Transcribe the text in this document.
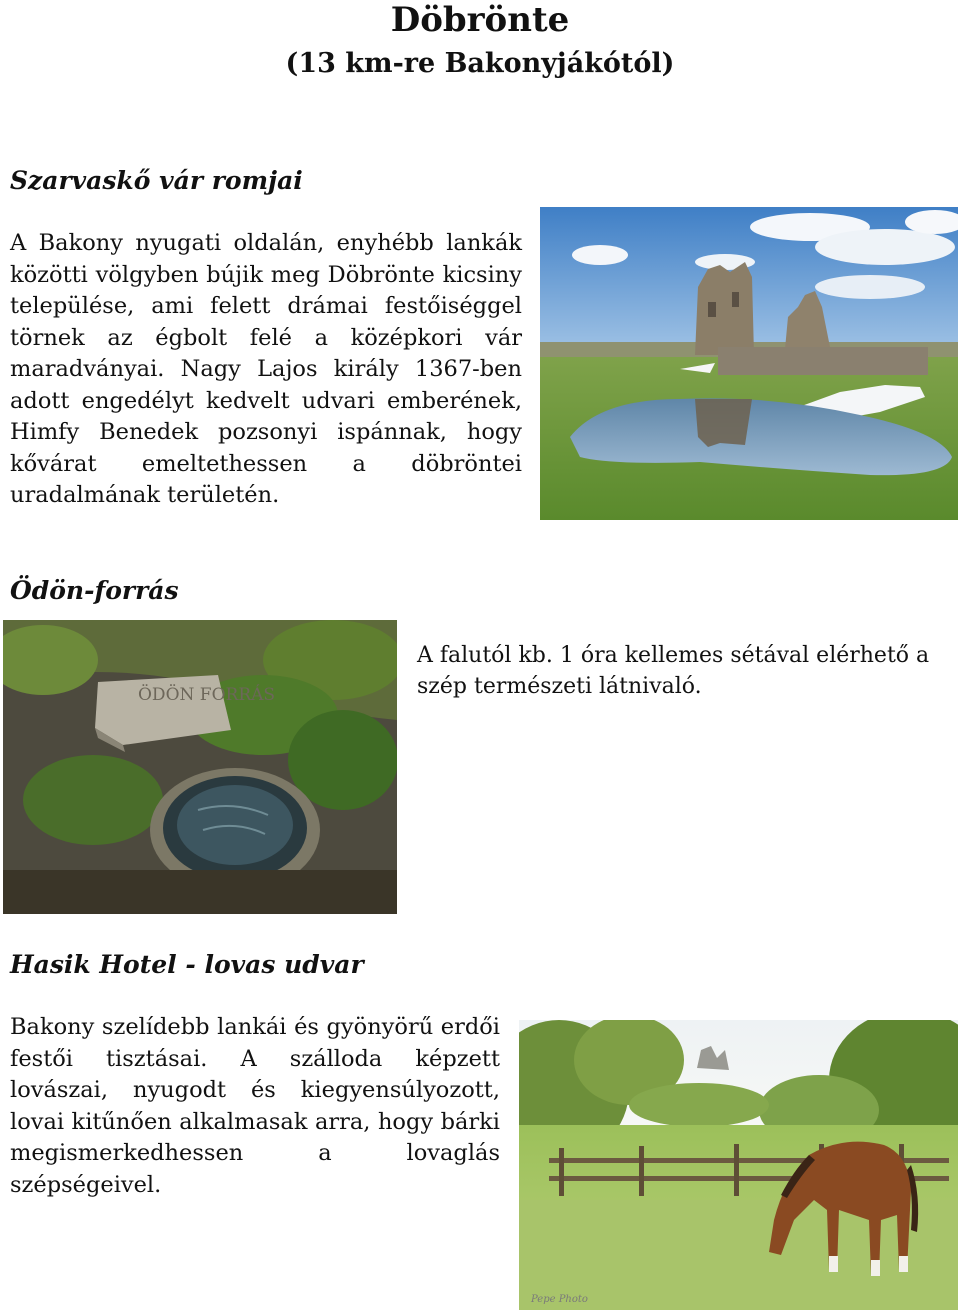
Döbrönte
(13 km-re Bakonyjákótól)
Szarvaskő vár romjai
A Bakony nyugati oldalán, enyhébb lankák közötti völgyben bújik meg Döbrönte kicsiny települése, ami felett drámai festőiséggel törnek az égbolt felé a középkori vár maradványai. Nagy Lajos király 1367-ben adott engedélyt kedvelt udvari emberének, Himfy Benedek pozsonyi ispánnak, hogy kővárat emeltethessen a döbröntei uradalmának területén.
Ödön-forrás
ÖDÖN FORRÁS
A falutól kb. 1 óra kellemes sétával elérhető a szép természeti látnivaló.
Hasik Hotel - lovas udvar
Bakony szelídebb lankái és gyönyörű erdői festői tisztásai. A szálloda képzett lovászai, nyugodt és kiegyensúlyozott, lovai kitűnően alkalmasak arra, hogy bárki megismerkedhessen a lovaglás szépségeivel.
Pepe Photo
